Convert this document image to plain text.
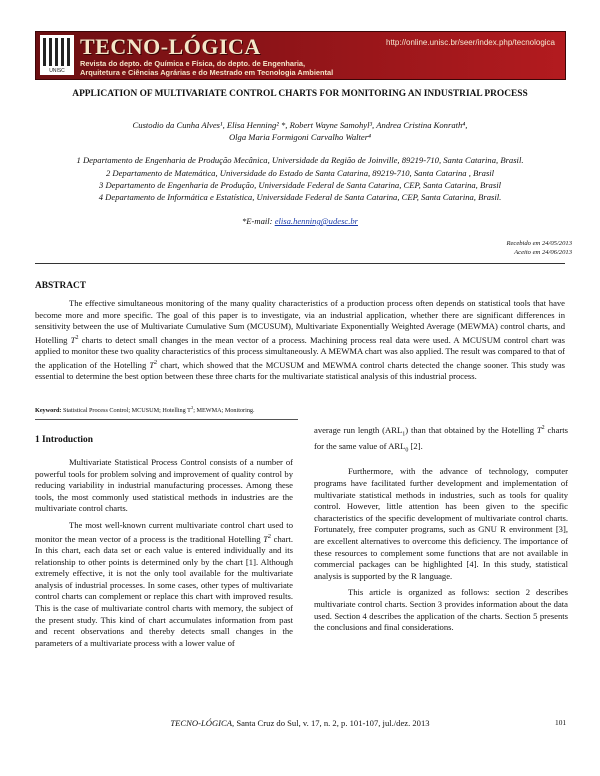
UNISC
TECNO-LÓGICA	http://online.unisc.br/seer/index.php/tecnologica
Revista do depto. de Química e Física, do depto. de Engenharia,
Arquitetura e Ciências Agrárias e do Mestrado em Tecnologia Ambiental
APPLICATION OF MULTIVARIATE CONTROL CHARTS FOR MONITORING AN INDUSTRIAL PROCESS
Custodio da Cunha Alves¹, Elisa Henning² *, Robert Wayne Samohyl³, Andrea Cristina Konrath⁴,
Olga Maria Formigoni Carvalho Walter⁴
1 Departamento de Engenharia de Produção Mecânica, Universidade da Região de Joinville, 89219-710, Santa Catarina, Brasil.
2 Departamento de Matemática, Universidade do Estado de Santa Catarina, 89219-710, Santa Catarina , Brasil
3 Departamento de Engenharia de Produção, Universidade Federal de Santa Catarina, CEP, Santa Catarina, Brasil
4 Departamento de Informática e Estatística, Universidade Federal de Santa Catarina, CEP, Santa Catarina, Brasil.
*E-mail: elisa.henning@udesc.br
Recebido em 24/05/2013
Aceito em 24/06/2013
ABSTRACT

The effective simultaneous monitoring of the many quality characteristics of a production process often depends on statistical tools that have become more and more specific. The goal of this paper is to investigate, via an industrial application, whether there are significant differences in sensitivity between the use of Multivariate Cumulative Sum (MCUSUM), Multivariate Exponentially Weighted Average (MEWMA) control charts, and Hotelling $T^2$ charts to detect small changes in the mean vector of a process. Machining process real data were used. A MCUSUM control chart was applied to monitor these two quality characteristics of this process simultaneously. A MEWMA chart was also applied. The result was compared to that of the application of the Hotelling $T^2$ chart, which showed that the MCUSUM and MEWMA control charts detected the change sooner. This study was essential to determine the best option between these three charts for the multivariate statistical analysis of this industrial process.

Keyword: Statistical Process Control; MCUSUM; Hotelling $T^2$; MEWMA; Monitoring.
1 Introduction

Multivariate Statistical Process Control consists of a number of powerful tools for problem solving and improvement of quality control by reducing variability in industrial manufacturing processes. Among these tools, the most commonly used statistical methods in industries are the multivariate control charts.

The most well-known current multivariate control chart used to monitor the mean vector of a process is the traditional Hotelling $T^2$ chart. In this chart, each data set or each value is entered individually and its relationship to other points is determined only by the chart [1]. Although extremely effective, it is not the only tool available for the multivariate analysis of industrial processes. In some cases, other types of multivariate control charts can complement or replace this chart with improved results. This is the case of multivariate control charts with memory, the subject of the present study. This kind of chart accumulates information from past and recent observations and thereby detects small changes in the parameters of a multivariate process with a lower value of

average run length $(ARL_1)$ than that obtained by the Hotelling $T^2$ charts for the same value of $ARL_0$ [2].

Furthermore, with the advance of technology, computer programs have facilitated further development and implementation of multivariate statistical methods in industries, such as tools for quality control. However, little attention has been given to the specific characteristics of the specific development of multivariate control charts. Fortunately, free computer programs, such as GNU R environment [3], are excellent alternatives to overcome this deficiency. The importance of these resources to complement some functions that are not available in commercial packages can be highlighted [4]. In this study, statistical analysis is supported by the R language.

This article is organized as follows: section 2 describes multivariate control charts. Section 3 provides information about the data used. Section 4 describes the application of the charts. Section 5 presents the conclusions and final considerations.

TECNO-LÓGICA, Santa Cruz do Sul, v. 17, n. 2, p. 101-107, jul./dez. 2013	101
